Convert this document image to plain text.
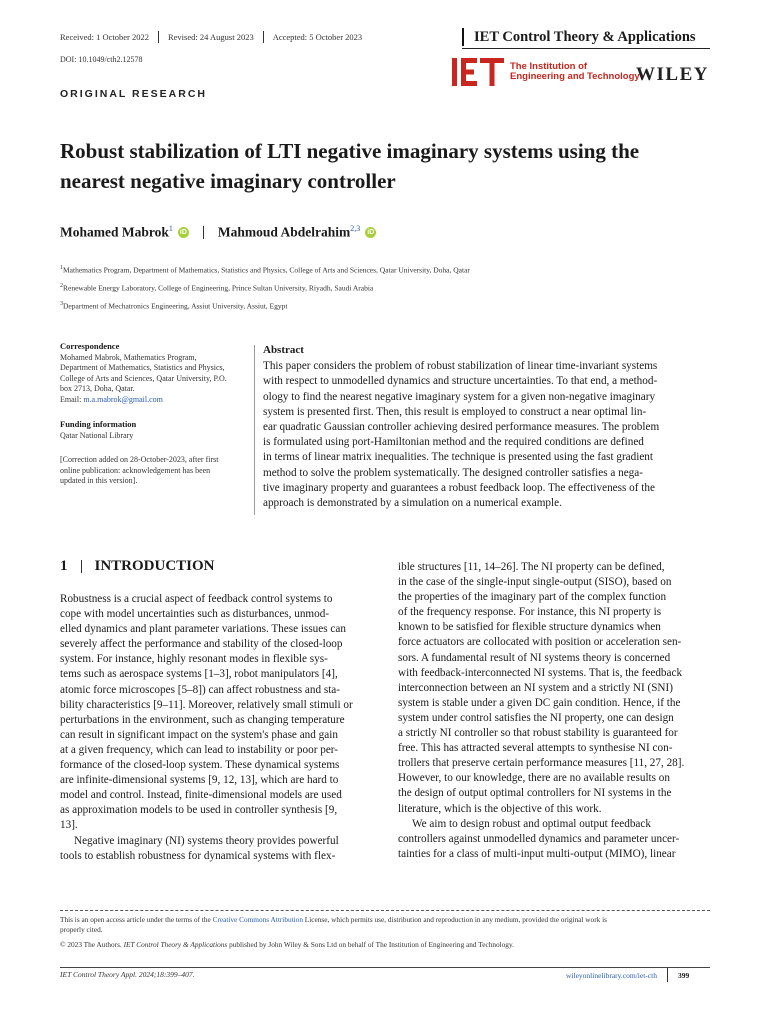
Received: 1 October 2022 Revised: 24 August 2023 Accepted: 5 October 2023
DOI: 10.1049/cth2.12578
IET Control Theory & Applications
The Institution of
Engineering and Technology
WILEY
ORIGINAL RESEARCH
Robust stabilization of LTI negative imaginary systems using the
nearest negative imaginary controller
Mohamed Mabrok$^1$ iD Mahmoud Abdelrahim$^{2,3}$ iD
$^1$Mathematics Program, Department of Mathematics, Statistics and Physics, College of Arts and Sciences, Qatar University, Doha, Qatar
$^2$Renewable Energy Laboratory, College of Engineering, Prince Sultan University, Riyadh, Saudi Arabia
$^3$Department of Mechatronics Engineering, Assiut University, Assiut, Egypt
Correspondence

Mohamed Mabrok, Mathematics Program,

Department of Mathematics, Statistics and Physics,

College of Arts and Sciences, Qatar University, P.O.

box 2713, Doha, Qatar.

Email: m.a.mabrok@gmail.com

Funding information

Qatar National Library

[Correction added on 28-October-2023, after first

online publication: acknowledgement has been

updated in this version].

Abstract
This paper considers the problem of robust stabilization of linear time-invariant systems
with respect to unmodelled dynamics and structure uncertainties. To that end, a method-
ology to find the nearest negative imaginary system for a given non-negative imaginary
system is presented first. Then, this result is employed to construct a near optimal lin-
ear quadratic Gaussian controller achieving desired performance measures. The problem
is formulated using port-Hamiltonian method and the required conditions are defined
in terms of linear matrix inequalities. The technique is presented using the fast gradient
method to solve the problem systematically. The designed controller satisfies a nega-
tive imaginary property and guarantees a robust feedback loop. The effectiveness of the
approach is demonstrated by a simulation on a numerical example.
1 INTRODUCTION
Robustness is a crucial aspect of feedback control systems to
cope with model uncertainties such as disturbances, unmod-
elled dynamics and plant parameter variations. These issues can
severely affect the performance and stability of the closed-loop
system. For instance, highly resonant modes in flexible sys-
tems such as aerospace systems [1–3], robot manipulators [4],
atomic force microscopes [5–8]) can affect robustness and sta-
bility characteristics [9–11]. Moreover, relatively small stimuli or
perturbations in the environment, such as changing temperature
can result in significant impact on the system's phase and gain
at a given frequency, which can lead to instability or poor per-
formance of the closed-loop system. These dynamical systems
are infinite-dimensional systems [9, 12, 13], which are hard to
model and control. Instead, finite-dimensional models are used
as approximation models to be used in controller synthesis [9,
13].
Negative imaginary (NI) systems theory provides powerful
tools to establish robustness for dynamical systems with flex-
ible structures [11, 14–26]. The NI property can be defined,
in the case of the single-input single-output (SISO), based on
the properties of the imaginary part of the complex function
of the frequency response. For instance, this NI property is
known to be satisfied for flexible structure dynamics when
force actuators are collocated with position or acceleration sen-
sors. A fundamental result of NI systems theory is concerned
with feedback-interconnected NI systems. That is, the feedback
interconnection between an NI system and a strictly NI (SNI)
system is stable under a given DC gain condition. Hence, if the
system under control satisfies the NI property, one can design
a strictly NI controller so that robust stability is guaranteed for
free. This has attracted several attempts to synthesise NI con-
trollers that preserve certain performance measures [11, 27, 28].
However, to our knowledge, there are no available results on
the design of output optimal controllers for NI systems in the
literature, which is the objective of this work.
We aim to design robust and optimal output feedback
controllers against unmodelled dynamics and parameter uncer-
tainties for a class of multi-input multi-output (MIMO), linear
This is an open access article under the terms of the Creative Commons Attribution License, which permits use, distribution and reproduction in any medium, provided the original work is
properly cited.
© 2023 The Authors. IET Control Theory & Applications published by John Wiley & Sons Ltd on behalf of The Institution of Engineering and Technology.
IET Control Theory Appl. 2024;18:399–407.	wileyonlinelibrary.com/iet-cth	399
